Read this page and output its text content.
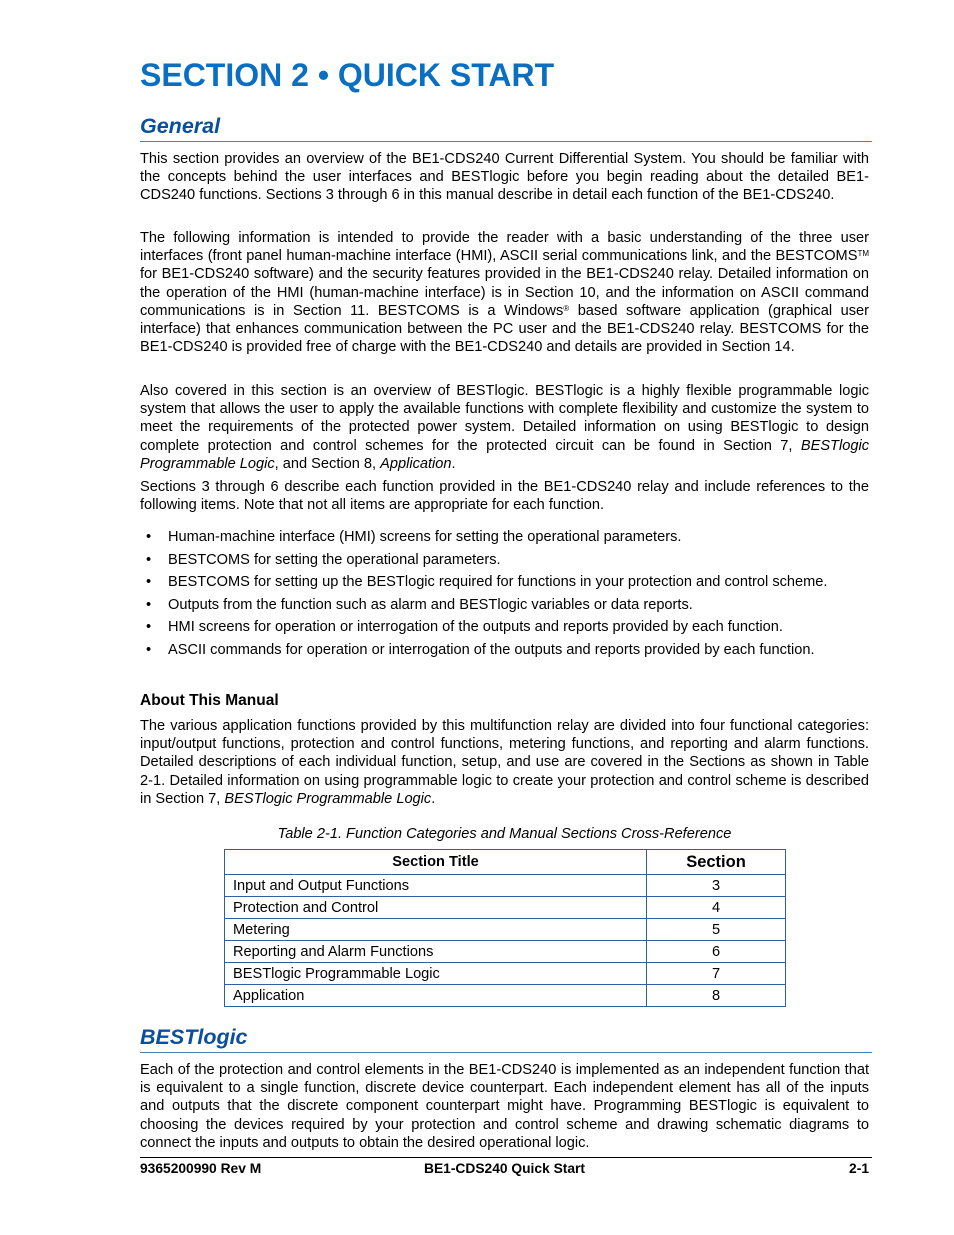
SECTION 2 • QUICK START
General

This section provides an overview of the BE1-CDS240 Current Differential System. You should be familiar with the concepts behind the user interfaces and BESTlogic before you begin reading about the detailed BE1-CDS240 functions. Sections 3 through 6 in this manual describe in detail each function of the BE1-CDS240.

The following information is intended to provide the reader with a basic understanding of the three user interfaces (front panel human-machine interface (HMI), ASCII serial communications link, and the BESTCOMS™ for BE1-CDS240 software) and the security features provided in the BE1-CDS240 relay. Detailed information on the operation of the HMI (human-machine interface) is in Section 10, and the information on ASCII command communications is in Section 11. BESTCOMS is a Windows® based software application (graphical user interface) that enhances communication between the PC user and the BE1-CDS240 relay. BESTCOMS for the BE1-CDS240 is provided free of charge with the BE1-CDS240 and details are provided in Section 14.

Also covered in this section is an overview of BESTlogic. BESTlogic is a highly flexible programmable logic system that allows the user to apply the available functions with complete flexibility and customize the system to meet the requirements of the protected power system. Detailed information on using BESTlogic to design complete protection and control schemes for the protected circuit can be found in Section 7, BESTlogic Programmable Logic, and Section 8, Application.

Sections 3 through 6 describe each function provided in the BE1-CDS240 relay and include references to the following items. Note that not all items are appropriate for each function.

• Human-machine interface (HMI) screens for setting the operational parameters.
• BESTCOMS for setting the operational parameters.
• BESTCOMS for setting up the BESTlogic required for functions in your protection and control scheme.
• Outputs from the function such as alarm and BESTlogic variables or data reports.
• HMI screens for operation or interrogation of the outputs and reports provided by each function.
• ASCII commands for operation or interrogation of the outputs and reports provided by each function.
About This Manual

The various application functions provided by this multifunction relay are divided into four functional categories: input/output functions, protection and control functions, metering functions, and reporting and alarm functions. Detailed descriptions of each individual function, setup, and use are covered in the Sections as shown in Table 2-1. Detailed information on using programmable logic to create your protection and control scheme is described in Section 7, BESTlogic Programmable Logic.

Table 2-1. Function Categories and Manual Sections Cross-Reference

Section Title	Section
Input and Output Functions	3
Protection and Control	4
Metering	5
Reporting and Alarm Functions	6
BESTlogic Programmable Logic	7
Application	8
BESTlogic

Each of the protection and control elements in the BE1-CDS240 is implemented as an independent function that is equivalent to a single function, discrete device counterpart. Each independent element has all of the inputs and outputs that the discrete component counterpart might have. Programming BESTlogic is equivalent to choosing the devices required by your protection and control scheme and drawing schematic diagrams to connect the inputs and outputs to obtain the desired operational logic.

9365200990 Rev M	BE1-CDS240 Quick Start	2-1
